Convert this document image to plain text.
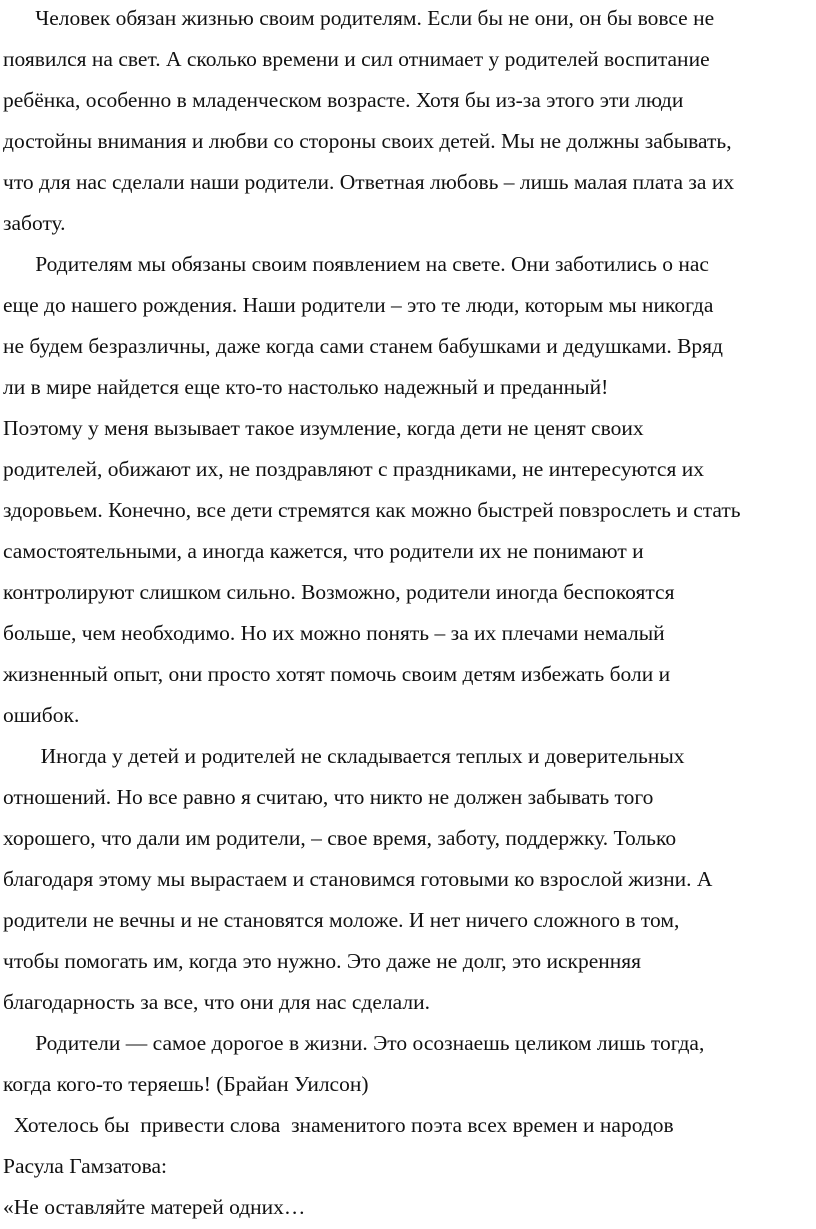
Человек обязан жизнью своим родителям. Если бы не они, он бы вовсе не
появился на свет. А сколько времени и сил отнимает у родителей воспитание
ребёнка, особенно в младенческом возрасте. Хотя бы из-за этого эти люди
достойны внимания и любви со стороны своих детей. Мы не должны забывать,
что для нас сделали наши родители. Ответная любовь – лишь малая плата за их
заботу.
Родителям мы обязаны своим появлением на свете. Они заботились о нас
еще до нашего рождения. Наши родители – это те люди, которым мы никогда
не будем безразличны, даже когда сами станем бабушками и дедушками. Вряд
ли в мире найдется еще кто-то настолько надежный и преданный!
Поэтому у меня вызывает такое изумление, когда дети не ценят своих
родителей, обижают их, не поздравляют с праздниками, не интересуются их
здоровьем. Конечно, все дети стремятся как можно быстрей повзрослеть и стать
самостоятельными, а иногда кажется, что родители их не понимают и
контролируют слишком сильно. Возможно, родители иногда беспокоятся
больше, чем необходимо. Но их можно понять – за их плечами немалый
жизненный опыт, они просто хотят помочь своим детям избежать боли и
ошибок.
Иногда у детей и родителей не складывается теплых и доверительных
отношений. Но все равно я считаю, что никто не должен забывать того
хорошего, что дали им родители, – свое время, заботу, поддержку. Только
благодаря этому мы вырастаем и становимся готовыми ко взрослой жизни. А
родители не вечны и не становятся моложе. И нет ничего сложного в том,
чтобы помогать им, когда это нужно. Это даже не долг, это искренняя
благодарность за все, что они для нас сделали.
Родители — самое дорогое в жизни. Это осознаешь целиком лишь тогда,
когда кого-то теряешь! (Брайан Уилсон)
Хотелось бы  привести слова  знаменитого поэта всех времен и народов
Расула Гамзатова:
«Не оставляйте матерей одних…
